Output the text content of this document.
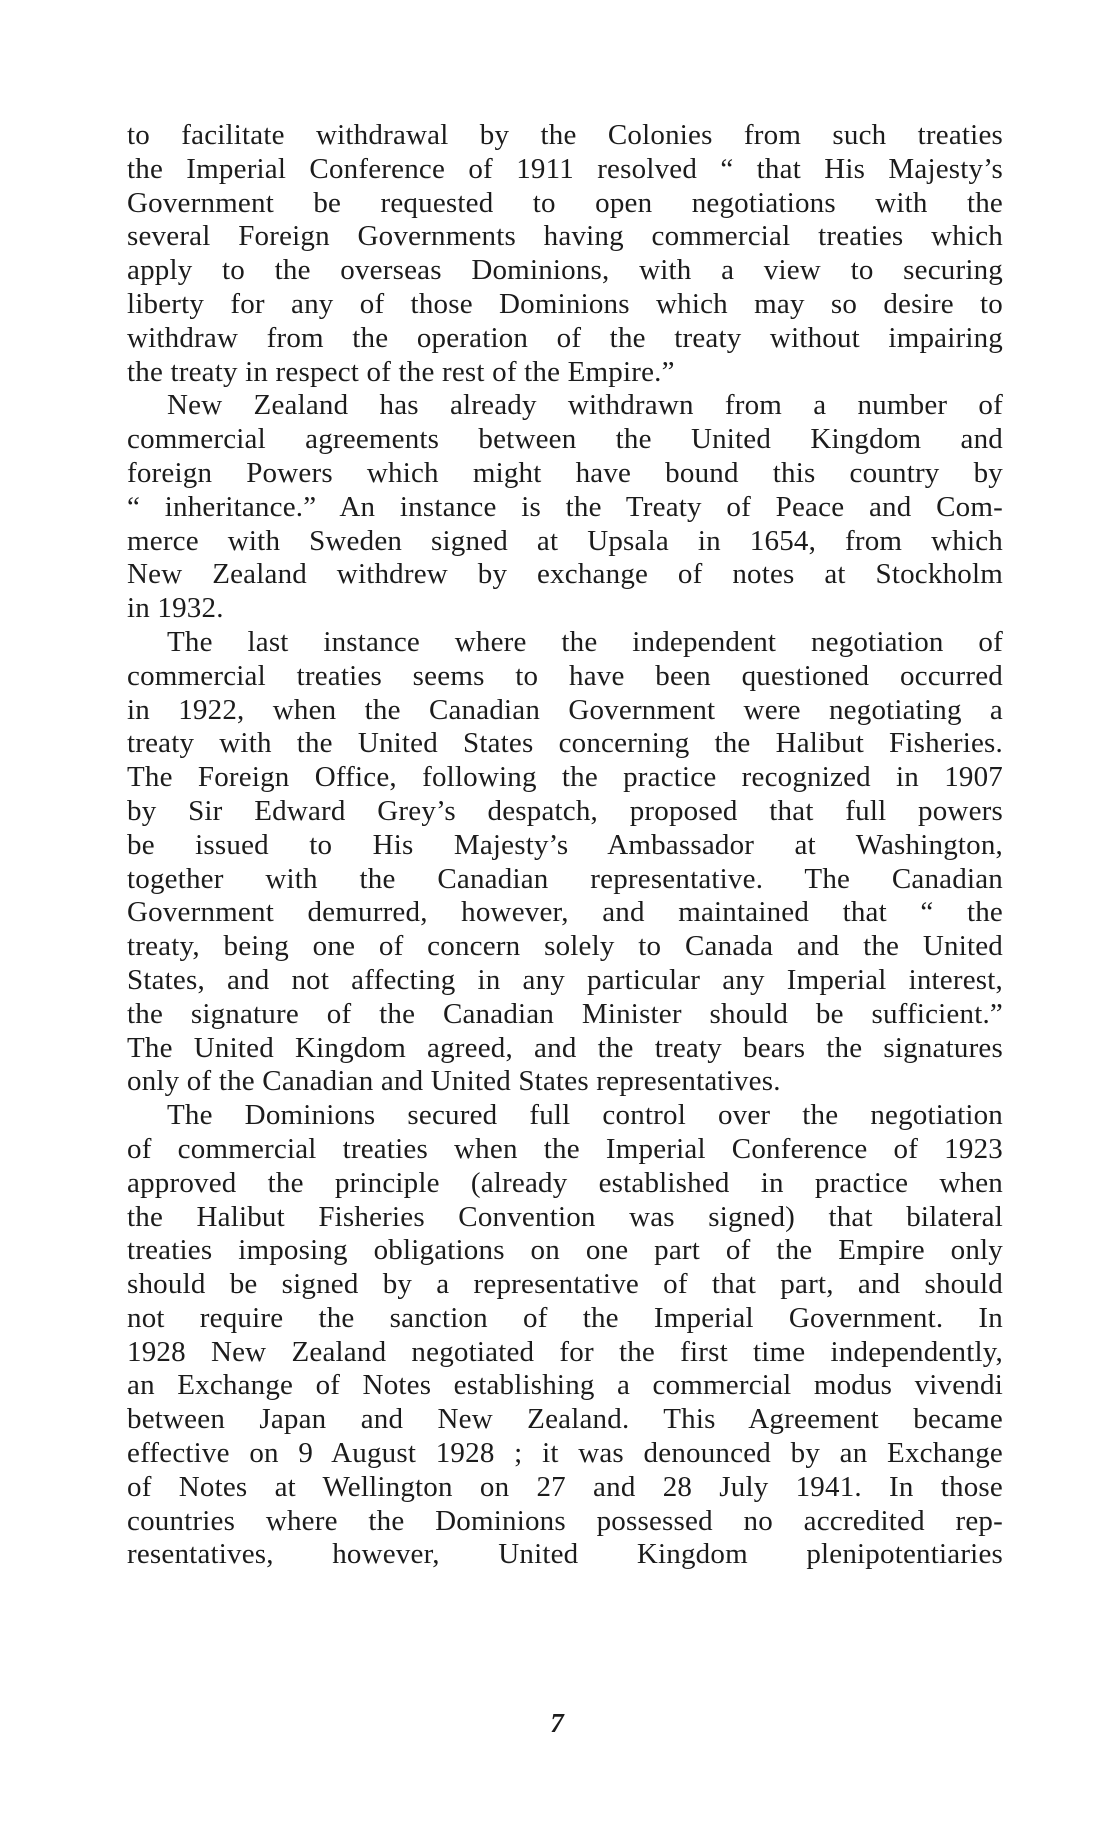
to facilitate withdrawal by the Colonies from such treaties
the Imperial Conference of 1911 resolved “ that His Majesty’s
Government be requested to open negotiations with the
several Foreign Governments having commercial treaties which
apply to the overseas Dominions, with a view to securing
liberty for any of those Dominions which may so desire to
withdraw from the operation of the treaty without impairing
the treaty in respect of the rest of the Empire.”
New Zealand has already withdrawn from a number of
commercial agreements between the United Kingdom and
foreign Powers which might have bound this country by
“ inheritance.” An instance is the Treaty of Peace and Com-
merce with Sweden signed at Upsala in 1654, from which
New Zealand withdrew by exchange of notes at Stockholm
in 1932.
The last instance where the independent negotiation of
commercial treaties seems to have been questioned occurred
in 1922, when the Canadian Government were negotiating a
treaty with the United States concerning the Halibut Fisheries.
The Foreign Office, following the practice recognized in 1907
by Sir Edward Grey’s despatch, proposed that full powers
be issued to His Majesty’s Ambassador at Washington,
together with the Canadian representative. The Canadian
Government demurred, however, and maintained that “ the
treaty, being one of concern solely to Canada and the United
States, and not affecting in any particular any Imperial interest,
the signature of the Canadian Minister should be sufficient.”
The United Kingdom agreed, and the treaty bears the signatures
only of the Canadian and United States representatives.
The Dominions secured full control over the negotiation
of commercial treaties when the Imperial Conference of 1923
approved the principle (already established in practice when
the Halibut Fisheries Convention was signed) that bilateral
treaties imposing obligations on one part of the Empire only
should be signed by a representative of that part, and should
not require the sanction of the Imperial Government. In
1928 New Zealand negotiated for the first time independently,
an Exchange of Notes establishing a commercial modus vivendi
between Japan and New Zealand. This Agreement became
effective on 9 August 1928 ; it was denounced by an Exchange
of Notes at Wellington on 27 and 28 July 1941. In those
countries where the Dominions possessed no accredited rep-
resentatives, however, United Kingdom plenipotentiaries
7
